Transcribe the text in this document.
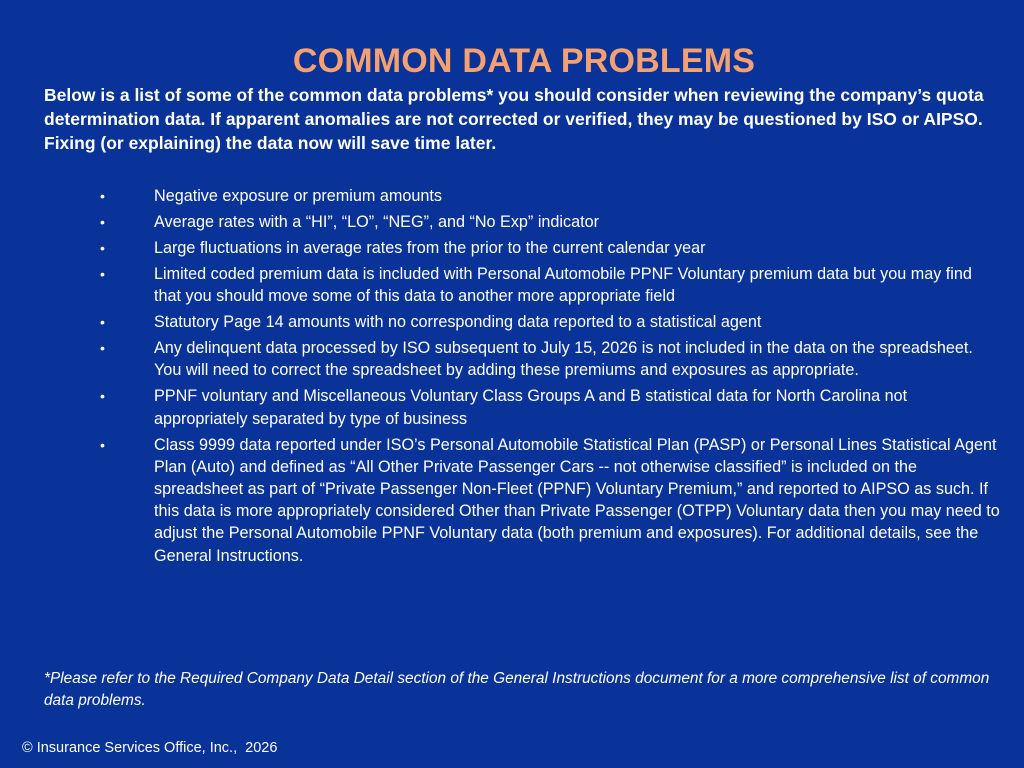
COMMON DATA PROBLEMS

Below is a list of some of the common data problems* you should consider when reviewing the company’s quota determination data. If apparent anomalies are not corrected or verified, they may be questioned by ISO or AIPSO. Fixing (or explaining) the data now will save time later.

•	Negative exposure or premium amounts
•	Average rates with a “HI”, “LO”, “NEG”, and “No Exp” indicator
•	Large fluctuations in average rates from the prior to the current calendar year
•	Limited coded premium data is included with Personal Automobile PPNF Voluntary premium data but you may find that you should move some of this data to another more appropriate field
•	Statutory Page 14 amounts with no corresponding data reported to a statistical agent
•	Any delinquent data processed by ISO subsequent to July 15, 2026 is not included in the data on the spreadsheet. You will need to correct the spreadsheet by adding these premiums and exposures as appropriate.
•	PPNF voluntary and Miscellaneous Voluntary Class Groups A and B statistical data for North Carolina not appropriately separated by type of business
•	Class 9999 data reported under ISO’s Personal Automobile Statistical Plan (PASP) or Personal Lines Statistical Agent Plan (Auto) and defined as “All Other Private Passenger Cars -- not otherwise classified” is included on the spreadsheet as part of “Private Passenger Non-Fleet (PPNF) Voluntary Premium,” and reported to AIPSO as such. If this data is more appropriately considered Other than Private Passenger (OTPP) Voluntary data then you may need to adjust the Personal Automobile PPNF Voluntary data (both premium and exposures). For additional details, see the General Instructions.

*Please refer to the Required Company Data Detail section of the General Instructions document for a more comprehensive list of common data problems.

© Insurance Services Office, Inc.,  2026
